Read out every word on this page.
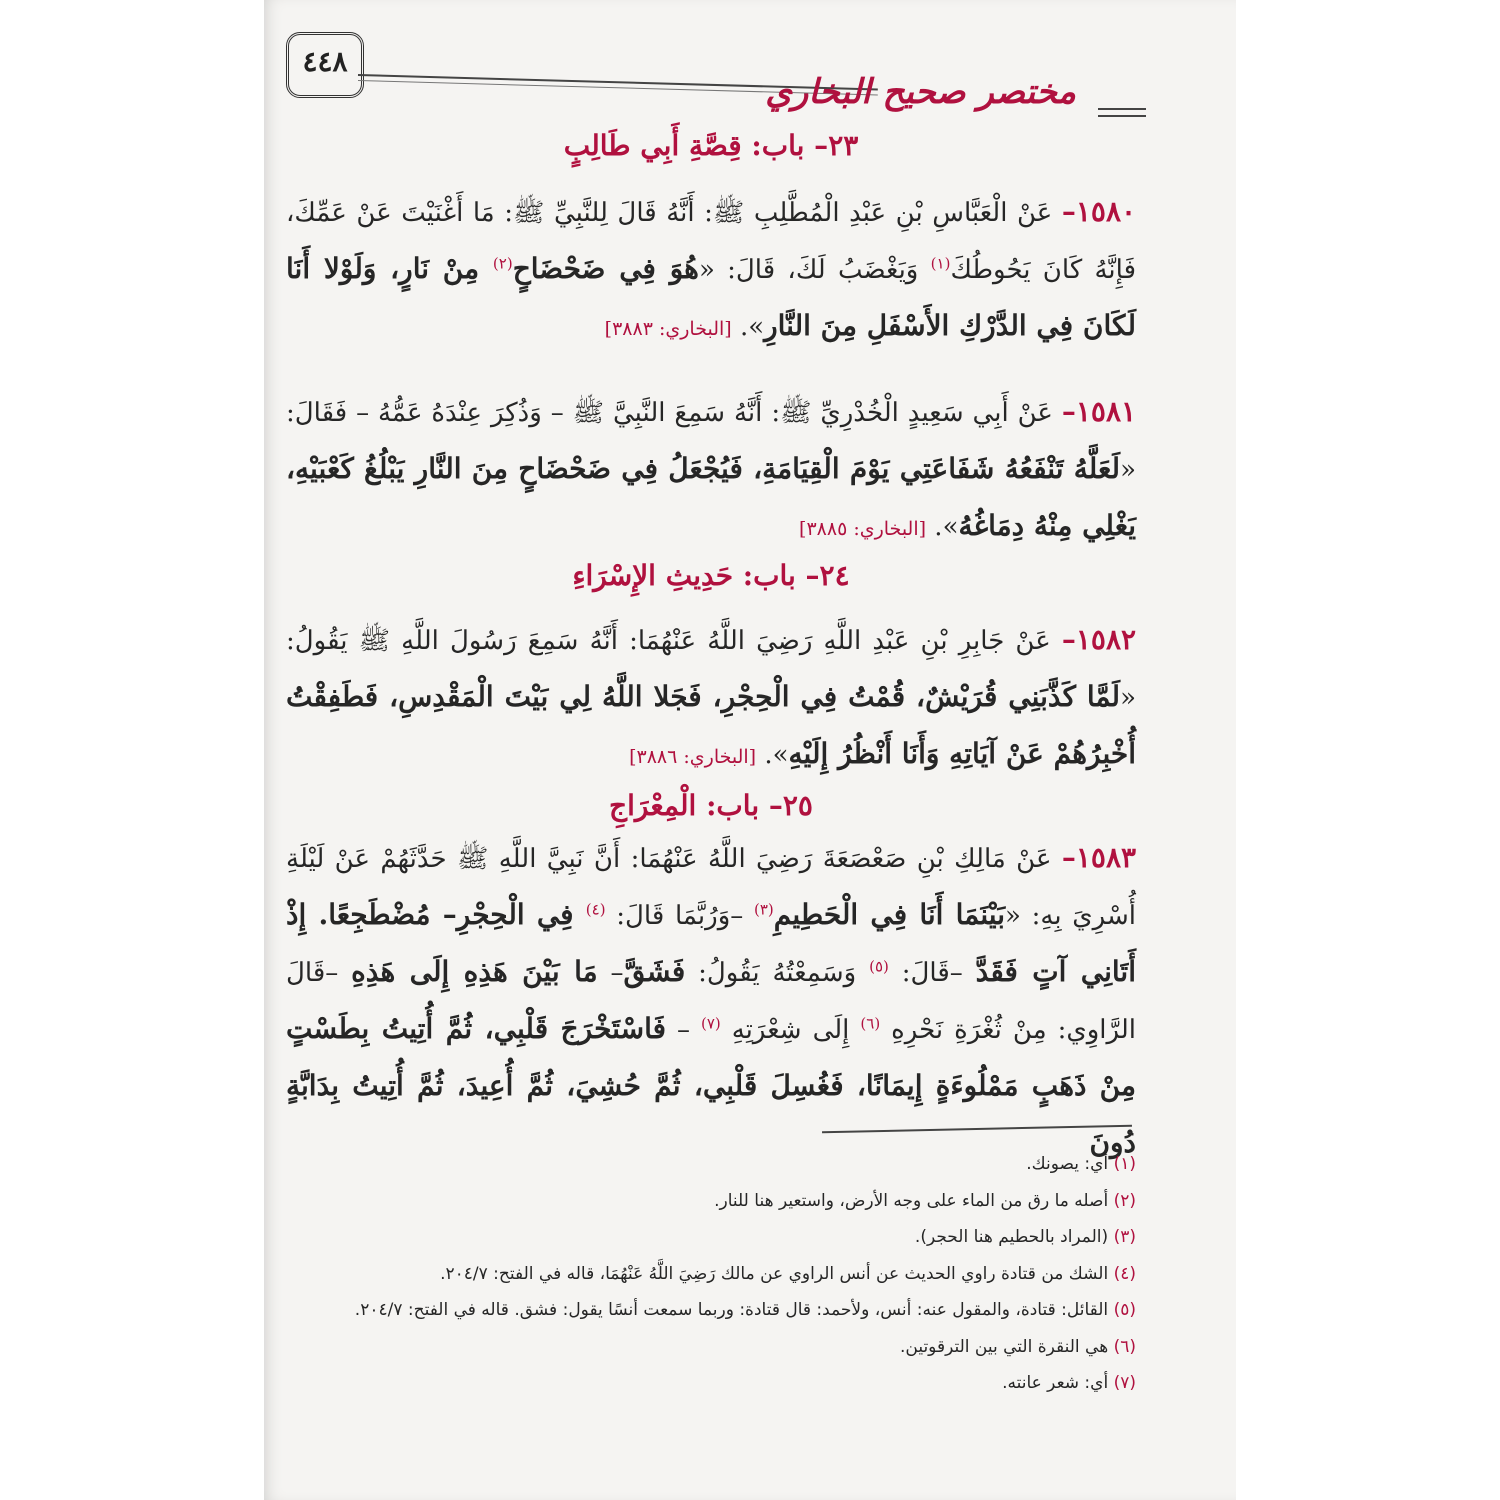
٤٤٨
مختصر صحيح البخاري
٢٣– باب: قِصَّةِ أَبِي طَالِبٍ
١٥٨٠– عَنْ الْعَبَّاسِ بْنِ عَبْدِ الْمُطَّلِبِ ﷺ: أَنَّهُ قَالَ لِلنَّبِيِّ ﷺ: مَا أَغْنَيْتَ عَنْ عَمِّكَ، فَإِنَّهُ كَانَ يَحُوطُكَ$^{(١)}$ وَيَغْضَبُ لَكَ، قَالَ: «هُوَ فِي ضَحْضَاحٍ$^{(٢)}$ مِنْ نَارٍ، وَلَوْلا أَنَا لَكَانَ فِي الدَّرْكِ الأَسْفَلِ مِنَ النَّارِ». [البخاري: ٣٨٨٣]
١٥٨١– عَنْ أَبِي سَعِيدٍ الْخُدْرِيِّ ﷺ: أَنَّهُ سَمِعَ النَّبِيَّ ﷺ – وَذُكِرَ عِنْدَهُ عَمُّهُ – فَقَالَ: «لَعَلَّهُ تَنْفَعُهُ شَفَاعَتِي يَوْمَ الْقِيَامَةِ، فَيُجْعَلُ فِي ضَحْضَاحٍ مِنَ النَّارِ يَبْلُغُ كَعْبَيْهِ، يَغْلِي مِنْهُ دِمَاغُهُ». [البخاري: ٣٨٨٥]
٢٤– باب: حَدِيثِ الإِسْرَاءِ
١٥٨٢– عَنْ جَابِرِ بْنِ عَبْدِ اللَّهِ رَضِيَ اللَّهُ عَنْهُمَا: أَنَّهُ سَمِعَ رَسُولَ اللَّهِ ﷺ يَقُولُ: «لَمَّا كَذَّبَنِي قُرَيْشٌ، قُمْتُ فِي الْحِجْرِ، فَجَلا اللَّهُ لِي بَيْتَ الْمَقْدِسِ، فَطَفِقْتُ أُخْبِرُهُمْ عَنْ آيَاتِهِ وَأَنَا أَنْظُرُ إِلَيْهِ». [البخاري: ٣٨٨٦]
٢٥– باب: الْمِعْرَاجِ
١٥٨٣– عَنْ مَالِكِ بْنِ صَعْصَعَةَ رَضِيَ اللَّهُ عَنْهُمَا: أَنَّ نَبِيَّ اللَّهِ ﷺ حَدَّثَهُمْ عَنْ لَيْلَةِ أُسْرِيَ بِهِ: «بَيْنَمَا أَنَا فِي الْحَطِيمِ$^{(٣)}$ –وَرُبَّمَا قَالَ: $^{(٤)}$ فِي الْحِجْرِ– مُضْطَجِعًا. إِذْ أَتَانِي آتٍ فَقَدَّ –قَالَ: $^{(٥)}$ وَسَمِعْتُهُ يَقُولُ: فَشَقَّ– مَا بَيْنَ هَذِهِ إِلَى هَذِهِ –قَالَ الرَّاوِي: مِنْ ثُغْرَةِ نَحْرِهِ $^{(٦)}$ إِلَى شِعْرَتِهِ $^{(٧)}$ – فَاسْتَخْرَجَ قَلْبِي، ثُمَّ أُتِيتُ بِطَسْتٍ مِنْ ذَهَبٍ مَمْلُوءَةٍ إِيمَانًا، فَغُسِلَ قَلْبِي، ثُمَّ حُشِيَ، ثُمَّ أُعِيدَ، ثُمَّ أُتِيتُ بِدَابَّةٍ دُونَ
(١) أي: يصونك.
(٢) أصله ما رق من الماء على وجه الأرض، واستعير هنا للنار.
(٣) (المراد بالحطيم هنا الحجر).
(٤) الشك من قتادة راوي الحديث عن أنس الراوي عن مالك رَضِيَ اللَّهُ عَنْهُمَا، قاله في الفتح: ٢٠٤/٧.
(٥) القائل: قتادة، والمقول عنه: أنس، ولأحمد: قال قتادة: وربما سمعت أنسًا يقول: فشق. قاله في الفتح: ٢٠٤/٧.
(٦) هي النقرة التي بين الترقوتين.
(٧) أي: شعر عانته.
